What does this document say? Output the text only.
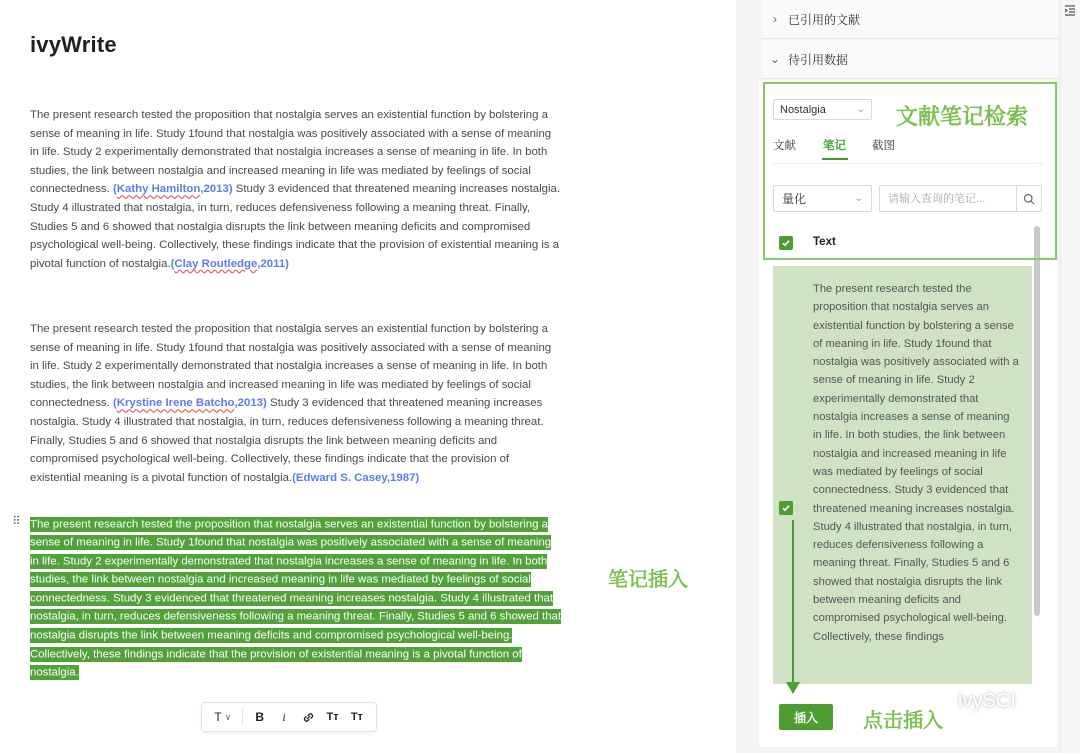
ivyWrite
The present research tested the proposition that nostalgia serves an existential function by bolstering a sense of meaning in life. Study 1found that nostalgia was positively associated with a sense of meaning in life. Study 2 experimentally demonstrated that nostalgia increases a sense of meaning in life. In both studies, the link between nostalgia and increased meaning in life was mediated by feelings of social connectedness. (Kathy Hamilton,2013) Study 3 evidenced that threatened meaning increases nostalgia. Study 4 illustrated that nostalgia, in turn, reduces defensiveness following a meaning threat. Finally, Studies 5 and 6 showed that nostalgia disrupts the link between meaning deficits and compromised psychological well-being. Collectively, these findings indicate that the provision of existential meaning is a pivotal function of nostalgia.(Clay Routledge,2011)
The present research tested the proposition that nostalgia serves an existential function by bolstering a sense of meaning in life. Study 1found that nostalgia was positively associated with a sense of meaning in life. Study 2 experimentally demonstrated that nostalgia increases a sense of meaning in life. In both studies, the link between nostalgia and increased meaning in life was mediated by feelings of social connectedness. (Krystine Irene Batcho,2013) Study 3 evidenced that threatened meaning increases nostalgia. Study 4 illustrated that nostalgia, in turn, reduces defensiveness following a meaning threat. Finally, Studies 5 and 6 showed that nostalgia disrupts the link between meaning deficits and compromised psychological well-being. Collectively, these findings indicate that the provision of existential meaning is a pivotal function of nostalgia.(Edward S. Casey,1987)
⠿ The present research tested the proposition that nostalgia serves an existential function by bolstering a sense of meaning in life. Study 1found that nostalgia was positively associated with a sense of meaning in life. Study 2 experimentally demonstrated that nostalgia increases a sense of meaning in life. In both studies, the link between nostalgia and increased meaning in life was mediated by feelings of social connectedness. Study 3 evidenced that threatened meaning increases nostalgia. Study 4 illustrated that nostalgia, in turn, reduces defensiveness following a meaning threat. Finally, Studies 5 and 6 showed that nostalgia disrupts the link between meaning deficits and compromised psychological well-being. Collectively, these findings indicate that the provision of existential meaning is a pivotal function of nostalgia.
T ∨	B	i	Tт	Tт
› 已引用的文献
⌄ 待引用数据
Nostalgia	⌄
文献 笔记 截图
量化	⌄
请输入查询的笔记...
Text
The present research tested the proposition that nostalgia serves an existential function by bolstering a sense of meaning in life. Study 1found that nostalgia was positively associated with a sense of meaning in life. Study 2 experimentally demonstrated that nostalgia increases a sense of meaning in life. In both studies, the link between nostalgia and increased meaning in life was mediated by feelings of social connectedness. Study 3 evidenced that threatened meaning increases nostalgia. Study 4 illustrated that nostalgia, in turn, reduces defensiveness following a meaning threat. Finally, Studies 5 and 6 showed that nostalgia disrupts the link between meaning deficits and compromised psychological well-being. Collectively, these findings
插入
文献笔记检索
笔记插入
点击插入
ivySCI
